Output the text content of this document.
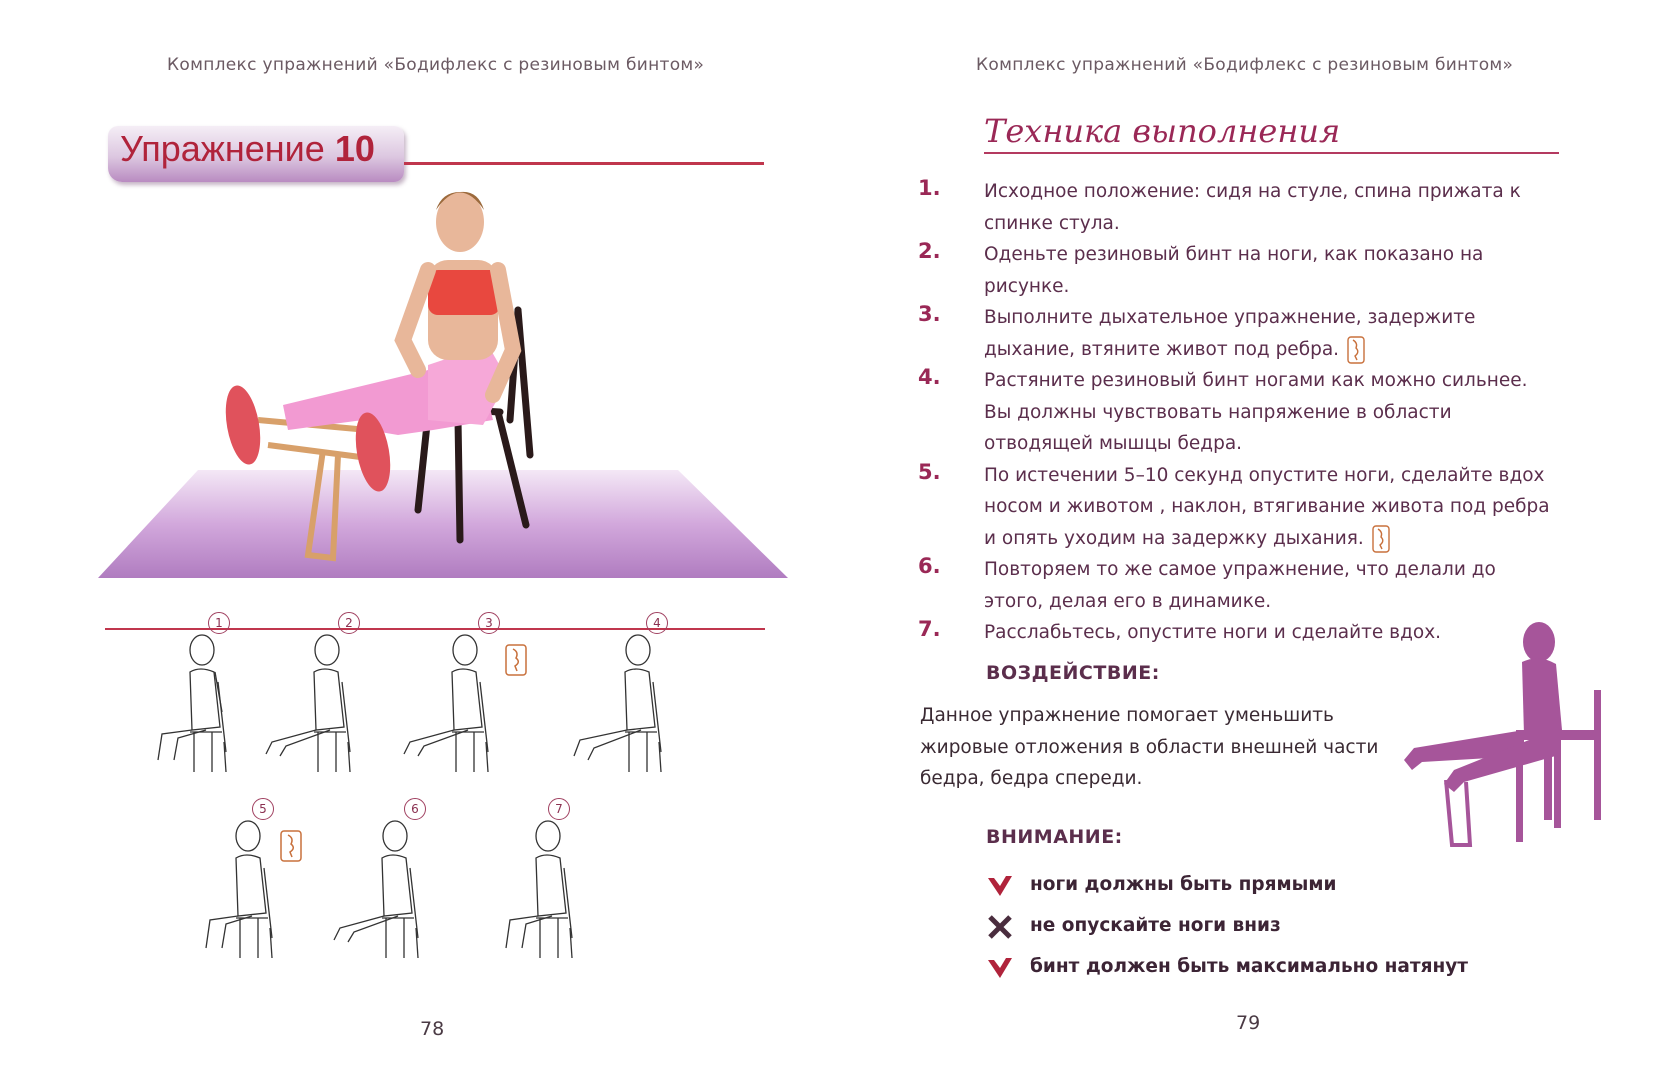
Комплекс упражнений «Бодифлекс с резиновым бинтом»
Упражнение 10
1	2	3	4
5	6	7
78
Комплекс упражнений «Бодифлекс с резиновым бинтом»
Техника выполнения
1. Исходное положение: сидя на стуле, спина прижата к спинке стула.
2. Оденьте резиновый бинт на ноги, как показано на рисунке.
3. Выполните дыхательное упражнение, задержите дыхание, втяните живот под ребра.
4. Растяните резиновый бинт ногами как можно сильнее. Вы должны чувствовать напряжение в области отводящей мышцы бедра.
5. По истечении 5–10 секунд опустите ноги, сделайте вдох носом и животом , наклон, втягивание живота под ребра и опять уходим на задержку дыхания.
6. Повторяем то же самое упражнение, что делали до этого, делая его в динамике.
7. Расслабьтесь, опустите ноги и сделайте вдох.
ВОЗДЕЙСТВИЕ:
Данное упражнение помогает уменьшить жировые отложения в области внешней части бедра, бедра спереди.
ВНИМАНИЕ:
ноги должны быть прямыми
не опускайте ноги вниз
бинт должен быть максимально натянут
79
